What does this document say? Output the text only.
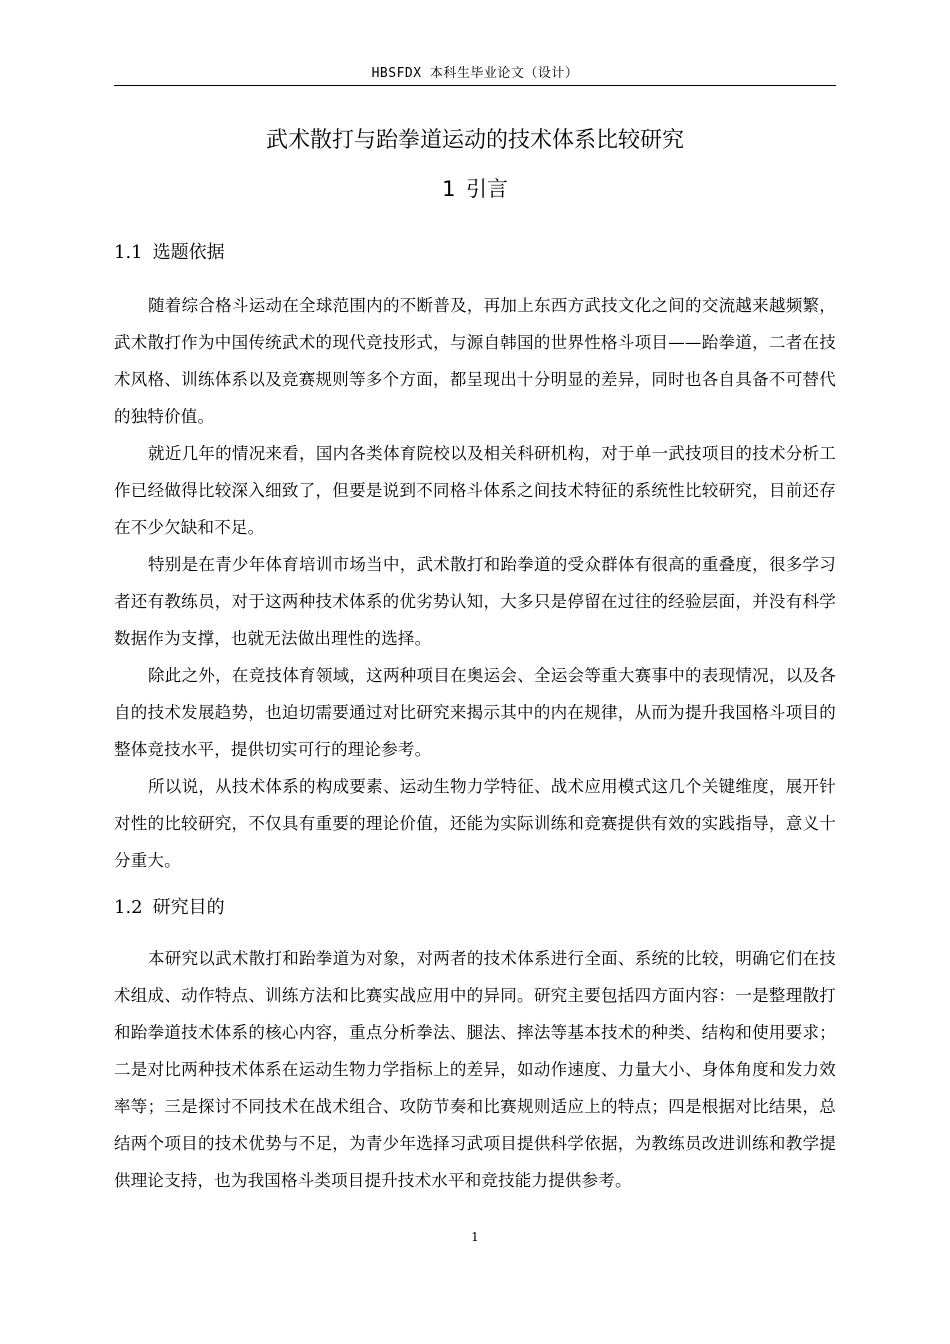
HBSFDX 本科生毕业论文（设计）
武术散打与跆拳道运动的技术体系比较研究
1  引言
1.1 选题依据

随着综合格斗运动在全球范围内的不断普及，再加上东西方武技文化之间的交流越来越频繁，武术散打作为中国传统武术的现代竞技形式，与源自韩国的世界性格斗项目——跆拳道，二者在技术风格、训练体系以及竞赛规则等多个方面，都呈现出十分明显的差异，同时也各自具备不可替代的独特价值。

就近几年的情况来看，国内各类体育院校以及相关科研机构，对于单一武技项目的技术分析工作已经做得比较深入细致了，但要是说到不同格斗体系之间技术特征的系统性比较研究，目前还存在不少欠缺和不足。

特别是在青少年体育培训市场当中，武术散打和跆拳道的受众群体有很高的重叠度，很多学习者还有教练员，对于这两种技术体系的优劣势认知，大多只是停留在过往的经验层面，并没有科学数据作为支撑，也就无法做出理性的选择。

除此之外，在竞技体育领域，这两种项目在奥运会、全运会等重大赛事中的表现情况，以及各自的技术发展趋势，也迫切需要通过对比研究来揭示其中的内在规律，从而为提升我国格斗项目的整体竞技水平，提供切实可行的理论参考。

所以说，从技术体系的构成要素、运动生物力学特征、战术应用模式这几个关键维度，展开针对性的比较研究，不仅具有重要的理论价值，还能为实际训练和竞赛提供有效的实践指导，意义十分重大。

1.2 研究目的

本研究以武术散打和跆拳道为对象，对两者的技术体系进行全面、系统的比较，明确它们在技术组成、动作特点、训练方法和比赛实战应用中的异同。研究主要包括四方面内容：一是整理散打和跆拳道技术体系的核心内容，重点分析拳法、腿法、摔法等基本技术的种类、结构和使用要求；二是对比两种技术体系在运动生物力学指标上的差异，如动作速度、力量大小、身体角度和发力效率等；三是探讨不同技术在战术组合、攻防节奏和比赛规则适应上的特点；四是根据对比结果，总结两个项目的技术优势与不足，为青少年选择习武项目提供科学依据，为教练员改进训练和教学提供理论支持，也为我国格斗类项目提升技术水平和竞技能力提供参考。

1
